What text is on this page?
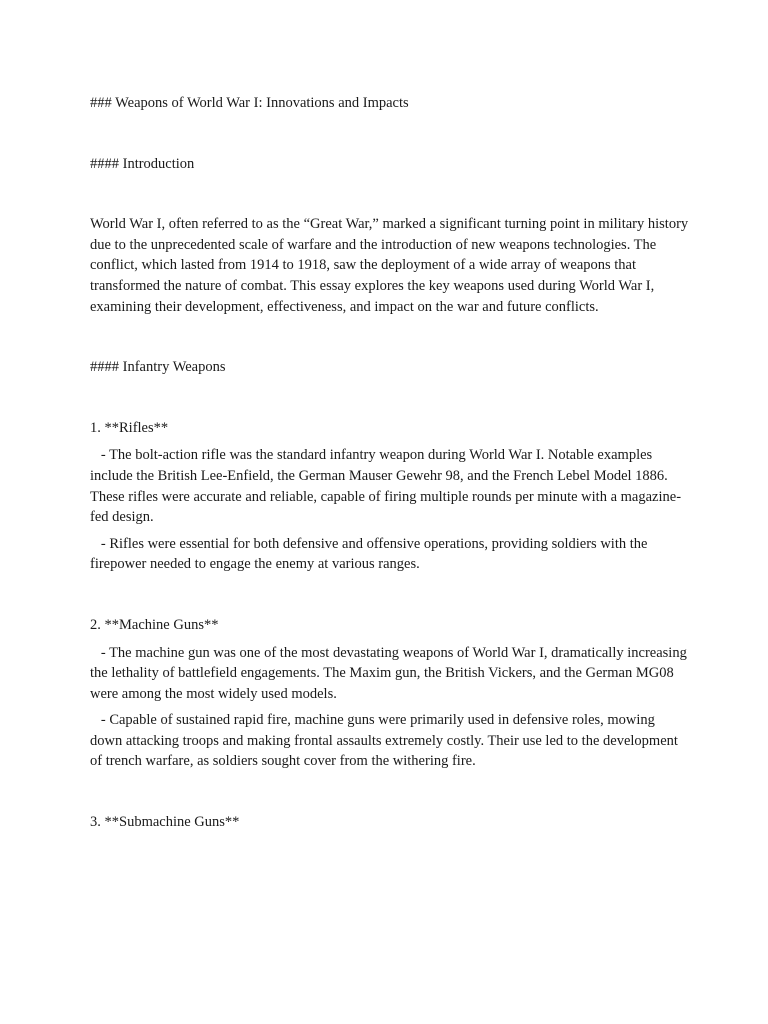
### Weapons of World War I: Innovations and Impacts

#### Introduction

World War I, often referred to as the “Great War,” marked a significant turning point in military history due to the unprecedented scale of warfare and the introduction of new weapons technologies. The conflict, which lasted from 1914 to 1918, saw the deployment of a wide array of weapons that transformed the nature of combat. This essay explores the key weapons used during World War I, examining their development, effectiveness, and impact on the war and future conflicts.

#### Infantry Weapons

1. **Rifles**

- The bolt-action rifle was the standard infantry weapon during World War I. Notable examples include the British Lee-Enfield, the German Mauser Gewehr 98, and the French Lebel Model 1886. These rifles were accurate and reliable, capable of firing multiple rounds per minute with a magazine-fed design.

- Rifles were essential for both defensive and offensive operations, providing soldiers with the firepower needed to engage the enemy at various ranges.

2. **Machine Guns**

- The machine gun was one of the most devastating weapons of World War I, dramatically increasing the lethality of battlefield engagements. The Maxim gun, the British Vickers, and the German MG08 were among the most widely used models.

- Capable of sustained rapid fire, machine guns were primarily used in defensive roles, mowing down attacking troops and making frontal assaults extremely costly. Their use led to the development of trench warfare, as soldiers sought cover from the withering fire.

3. **Submachine Guns**
